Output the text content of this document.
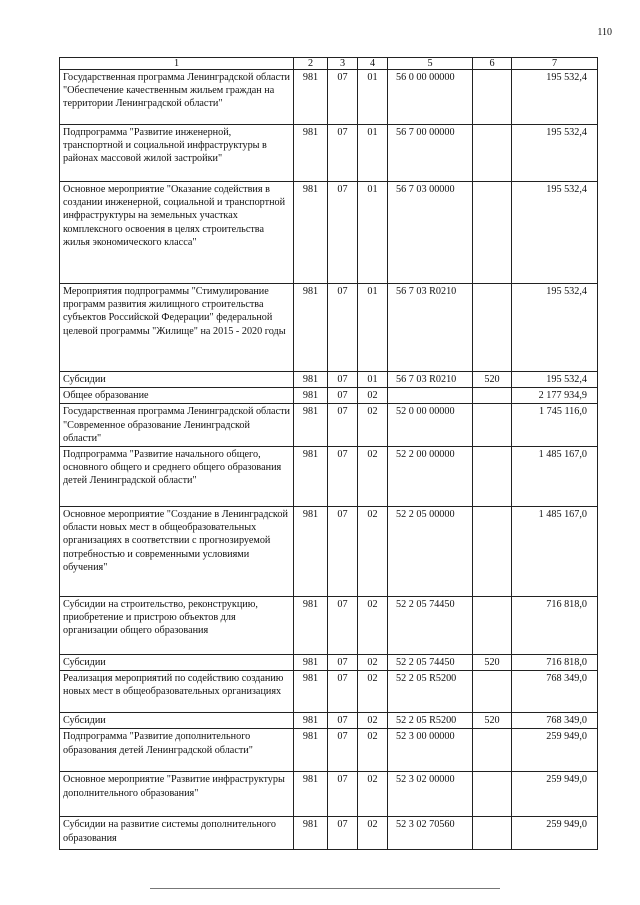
110
1	2	3	4	5	6	7
Государственная программа Ленинградской области "Обеспечение качественным жильем граждан на территории Ленинградской области"	981	07	01	56 0 00 00000		195 532,4
Подпрограмма "Развитие инженерной, транспортной и социальной инфраструктуры в районах массовой жилой застройки"	981	07	01	56 7 00 00000		195 532,4
Основное мероприятие "Оказание содействия в создании инженерной, социальной и транспортной инфраструктуры на земельных участках комплексного освоения в целях строительства жилья экономического класса"	981	07	01	56 7 03 00000		195 532,4
Мероприятия подпрограммы "Стимулирование программ развития жилищного строительства субъектов Российской Федерации" федеральной целевой программы "Жилище" на 2015 - 2020 годы	981	07	01	56 7 03 R0210		195 532,4
Субсидии	981	07	01	56 7 03 R0210	520	195 532,4
Общее образование	981	07	02			2 177 934,9
Государственная программа Ленинградской области "Современное образование Ленинградской области"	981	07	02	52 0 00 00000		1 745 116,0
Подпрограмма "Развитие начального общего, основного общего и среднего общего образования детей Ленинградской области"	981	07	02	52 2 00 00000		1 485 167,0
Основное мероприятие "Создание в Ленинградской области новых мест в общеобразовательных организациях в соответствии с прогнозируемой потребностью и современными условиями обучения"	981	07	02	52 2 05 00000		1 485 167,0
Субсидии на строительство, реконструкцию, приобретение и пристрою объектов для организации общего образования	981	07	02	52 2 05 74450		716 818,0
Субсидии	981	07	02	52 2 05 74450	520	716 818,0
Реализация мероприятий по содействию созданию новых мест в общеобразовательных организациях	981	07	02	52 2 05 R5200		768 349,0
Субсидии	981	07	02	52 2 05 R5200	520	768 349,0
Подпрограмма "Развитие дополнительного образования детей Ленинградской области"	981	07	02	52 3 00 00000		259 949,0
Основное мероприятие "Развитие инфраструктуры дополнительного образования"	981	07	02	52 3 02 00000		259 949,0
Субсидии на развитие системы дополнительного образования	981	07	02	52 3 02 70560		259 949,0
